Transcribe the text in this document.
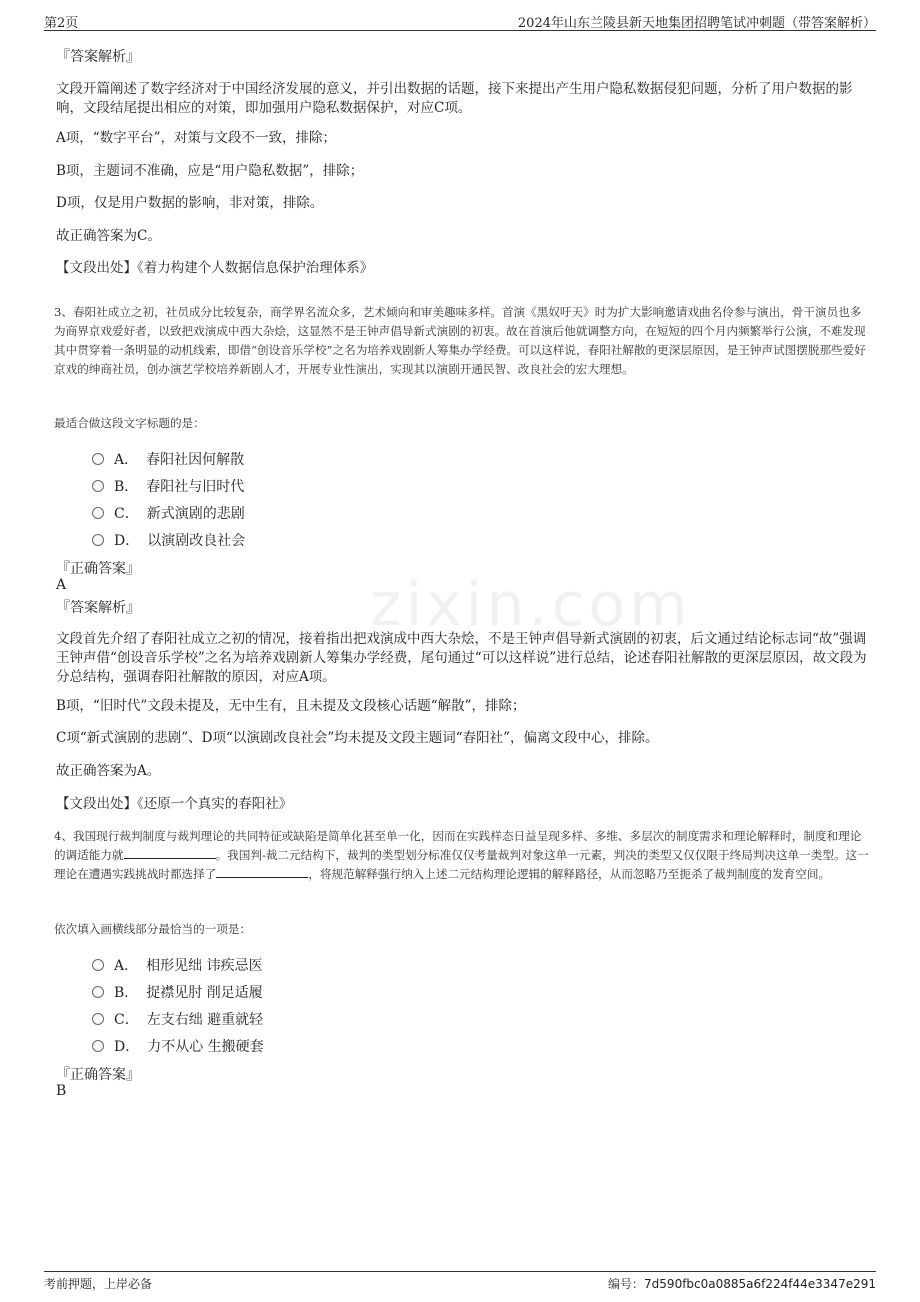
第2页	2024年山东兰陵县新天地集团招聘笔试冲刺题（带答案解析）
zixin.com
『答案解析』
文段开篇阐述了数字经济对于中国经济发展的意义，并引出数据的话题，接下来提出产生用户隐私数据侵犯问题，分析了用户数据的影响，文段结尾提出相应的对策，即加强用户隐私数据保护，对应C项。
A项，“数字平台”，对策与文段不一致，排除；
B项，主题词不准确，应是“用户隐私数据”，排除；
D项，仅是用户数据的影响，非对策，排除。
故正确答案为C。
【文段出处】《着力构建个人数据信息保护治理体系》
3、春阳社成立之初，社员成分比较复杂，商学界名流众多，艺术倾向和审美趣味多样。首演《黑奴吁天》时为扩大影响邀请戏曲名伶参与演出，骨干演员也多为商界京戏爱好者，以致把戏演成中西大杂烩，这显然不是王钟声倡导新式演剧的初衷。故在首演后他就调整方向，在短短的四个月内频繁举行公演，不难发现其中贯穿着一条明显的动机线索，即借“创设音乐学校”之名为培养戏剧新人筹集办学经费。可以这样说，春阳社解散的更深层原因，是王钟声试图摆脱那些爱好京戏的绅商社员，创办演艺学校培养新剧人才，开展专业性演出，实现其以演剧开通民智、改良社会的宏大理想。
最适合做这段文字标题的是：
A． 春阳社因何解散
B． 春阳社与旧时代
C． 新式演剧的悲剧
D． 以演剧改良社会
『正确答案』
A
『答案解析』
文段首先介绍了春阳社成立之初的情况，接着指出把戏演成中西大杂烩，不是王钟声倡导新式演剧的初衷，后文通过结论标志词“故”强调王钟声借“创设音乐学校”之名为培养戏剧新人筹集办学经费，尾句通过“可以这样说”进行总结，论述春阳社解散的更深层原因，故文段为分总结构，强调春阳社解散的原因，对应A项。
B项，“旧时代”文段未提及，无中生有，且未提及文段核心话题“解散”，排除；
C项“新式演剧的悲剧”、D项“以演剧改良社会”均未提及文段主题词“春阳社”，偏离文段中心，排除。
故正确答案为A。
【文段出处】《还原一个真实的春阳社》
4、我国现行裁判制度与裁判理论的共同特征或缺陷是简单化甚至单一化，因而在实践样态日益呈现多样、多维、多层次的制度需求和理论解释时，制度和理论的调适能力就	。我国判-裁二元结构下，裁判的类型划分标准仅仅考量裁判对象这单一元素，判决的类型又仅仅限于终局判决这单一类型。这一理论在遭遇实践挑战时都选择了	，将规范解释强行纳入上述二元结构理论逻辑的解释路径，从而忽略乃至扼杀了裁判制度的发育空间。
依次填入画横线部分最恰当的一项是：
A． 相形见绌 讳疾忌医
B． 捉襟见肘 削足适履
C． 左支右绌 避重就轻
D． 力不从心 生搬硬套
『正确答案』
B
考前押题，上岸必备	编号：7d590fbc0a0885a6f224f44e3347e291
